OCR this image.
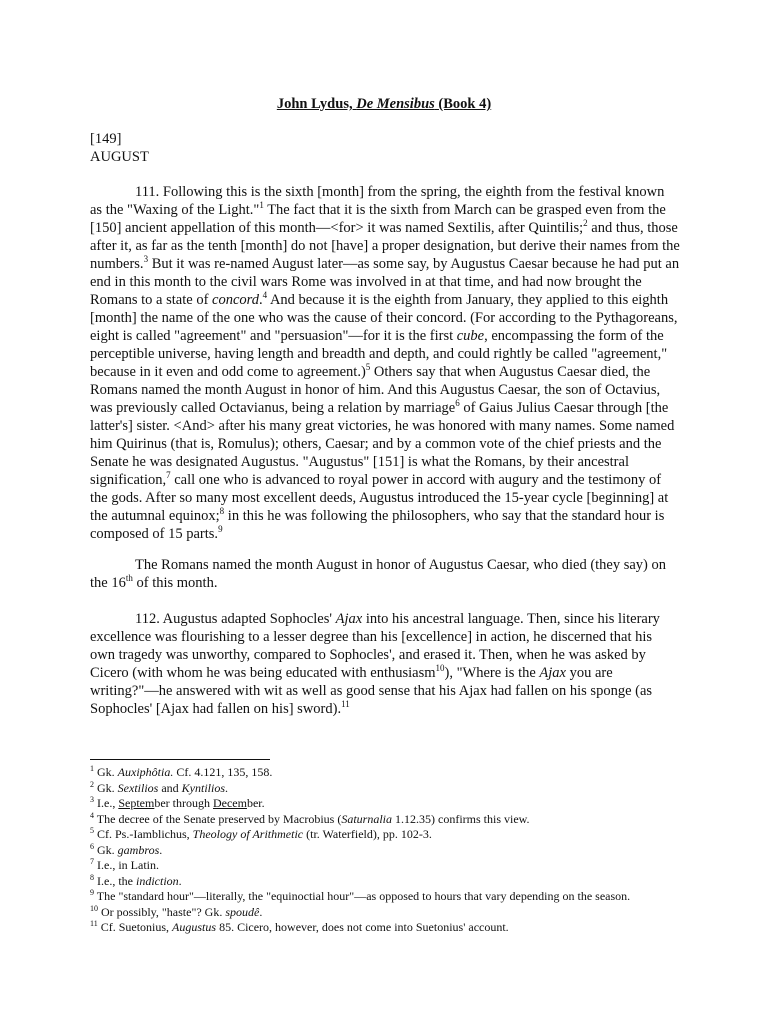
John Lydus, De Mensibus (Book 4)
[149]
AUGUST

111. Following this is the sixth [month] from the spring, the eighth from the festival known as the "Waxing of the Light."$^1$ The fact that it is the sixth from March can be grasped even from the [150] ancient appellation of this month—<for> it was named Sextilis, after Quintilis;$^2$ and thus, those after it, as far as the tenth [month] do not [have] a proper designation, but derive their names from the numbers.$^3$ But it was re-named August later—as some say, by Augustus Caesar because he had put an end in this month to the civil wars Rome was involved in at that time, and had now brought the Romans to a state of concord.$^4$ And because it is the eighth from January, they applied to this eighth [month] the name of the one who was the cause of their concord. (For according to the Pythagoreans, eight is called "agreement" and "persuasion"—for it is the first cube, encompassing the form of the perceptible universe, having length and breadth and depth, and could rightly be called "agreement," because in it even and odd come to agreement.)$^5$ Others say that when Augustus Caesar died, the Romans named the month August in honor of him. And this Augustus Caesar, the son of Octavius, was previously called Octavianus, being a relation by marriage$^6$ of Gaius Julius Caesar through [the latter's] sister. <And> after his many great victories, he was honored with many names. Some named him Quirinus (that is, Romulus); others, Caesar; and by a common vote of the chief priests and the Senate he was designated Augustus. "Augustus" [151] is what the Romans, by their ancestral signification,$^7$ call one who is advanced to royal power in accord with augury and the testimony of the gods. After so many most excellent deeds, Augustus introduced the 15-year cycle [beginning] at the autumnal equinox;$^8$ in this he was following the philosophers, who say that the standard hour is composed of 15 parts.$^9$

The Romans named the month August in honor of Augustus Caesar, who died (they say) on the 16th of this month.

112. Augustus adapted Sophocles' Ajax into his ancestral language. Then, since his literary excellence was flourishing to a lesser degree than his [excellence] in action, he discerned that his own tragedy was unworthy, compared to Sophocles', and erased it. Then, when he was asked by Cicero (with whom he was being educated with enthusiasm$^{10}$), "Where is the Ajax you are writing?"—he answered with wit as well as good sense that his Ajax had fallen on his sponge (as Sophocles' [Ajax had fallen on his] sword).$^{11}$

$^1$ Gk. Auxiphôtia. Cf. 4.121, 135, 158.
$^2$ Gk. Sextilios and Kyntilios.
$^3$ I.e., September through December.
$^4$ The decree of the Senate preserved by Macrobius (Saturnalia 1.12.35) confirms this view.
$^5$ Cf. Ps.-Iamblichus, Theology of Arithmetic (tr. Waterfield), pp. 102-3.
$^6$ Gk. gambros.
$^7$ I.e., in Latin.
$^8$ I.e., the indiction.
$^9$ The "standard hour"—literally, the "equinoctial hour"—as opposed to hours that vary depending on the season.
$^{10}$ Or possibly, "haste"? Gk. spoudê.
$^{11}$ Cf. Suetonius, Augustus 85. Cicero, however, does not come into Suetonius' account.
